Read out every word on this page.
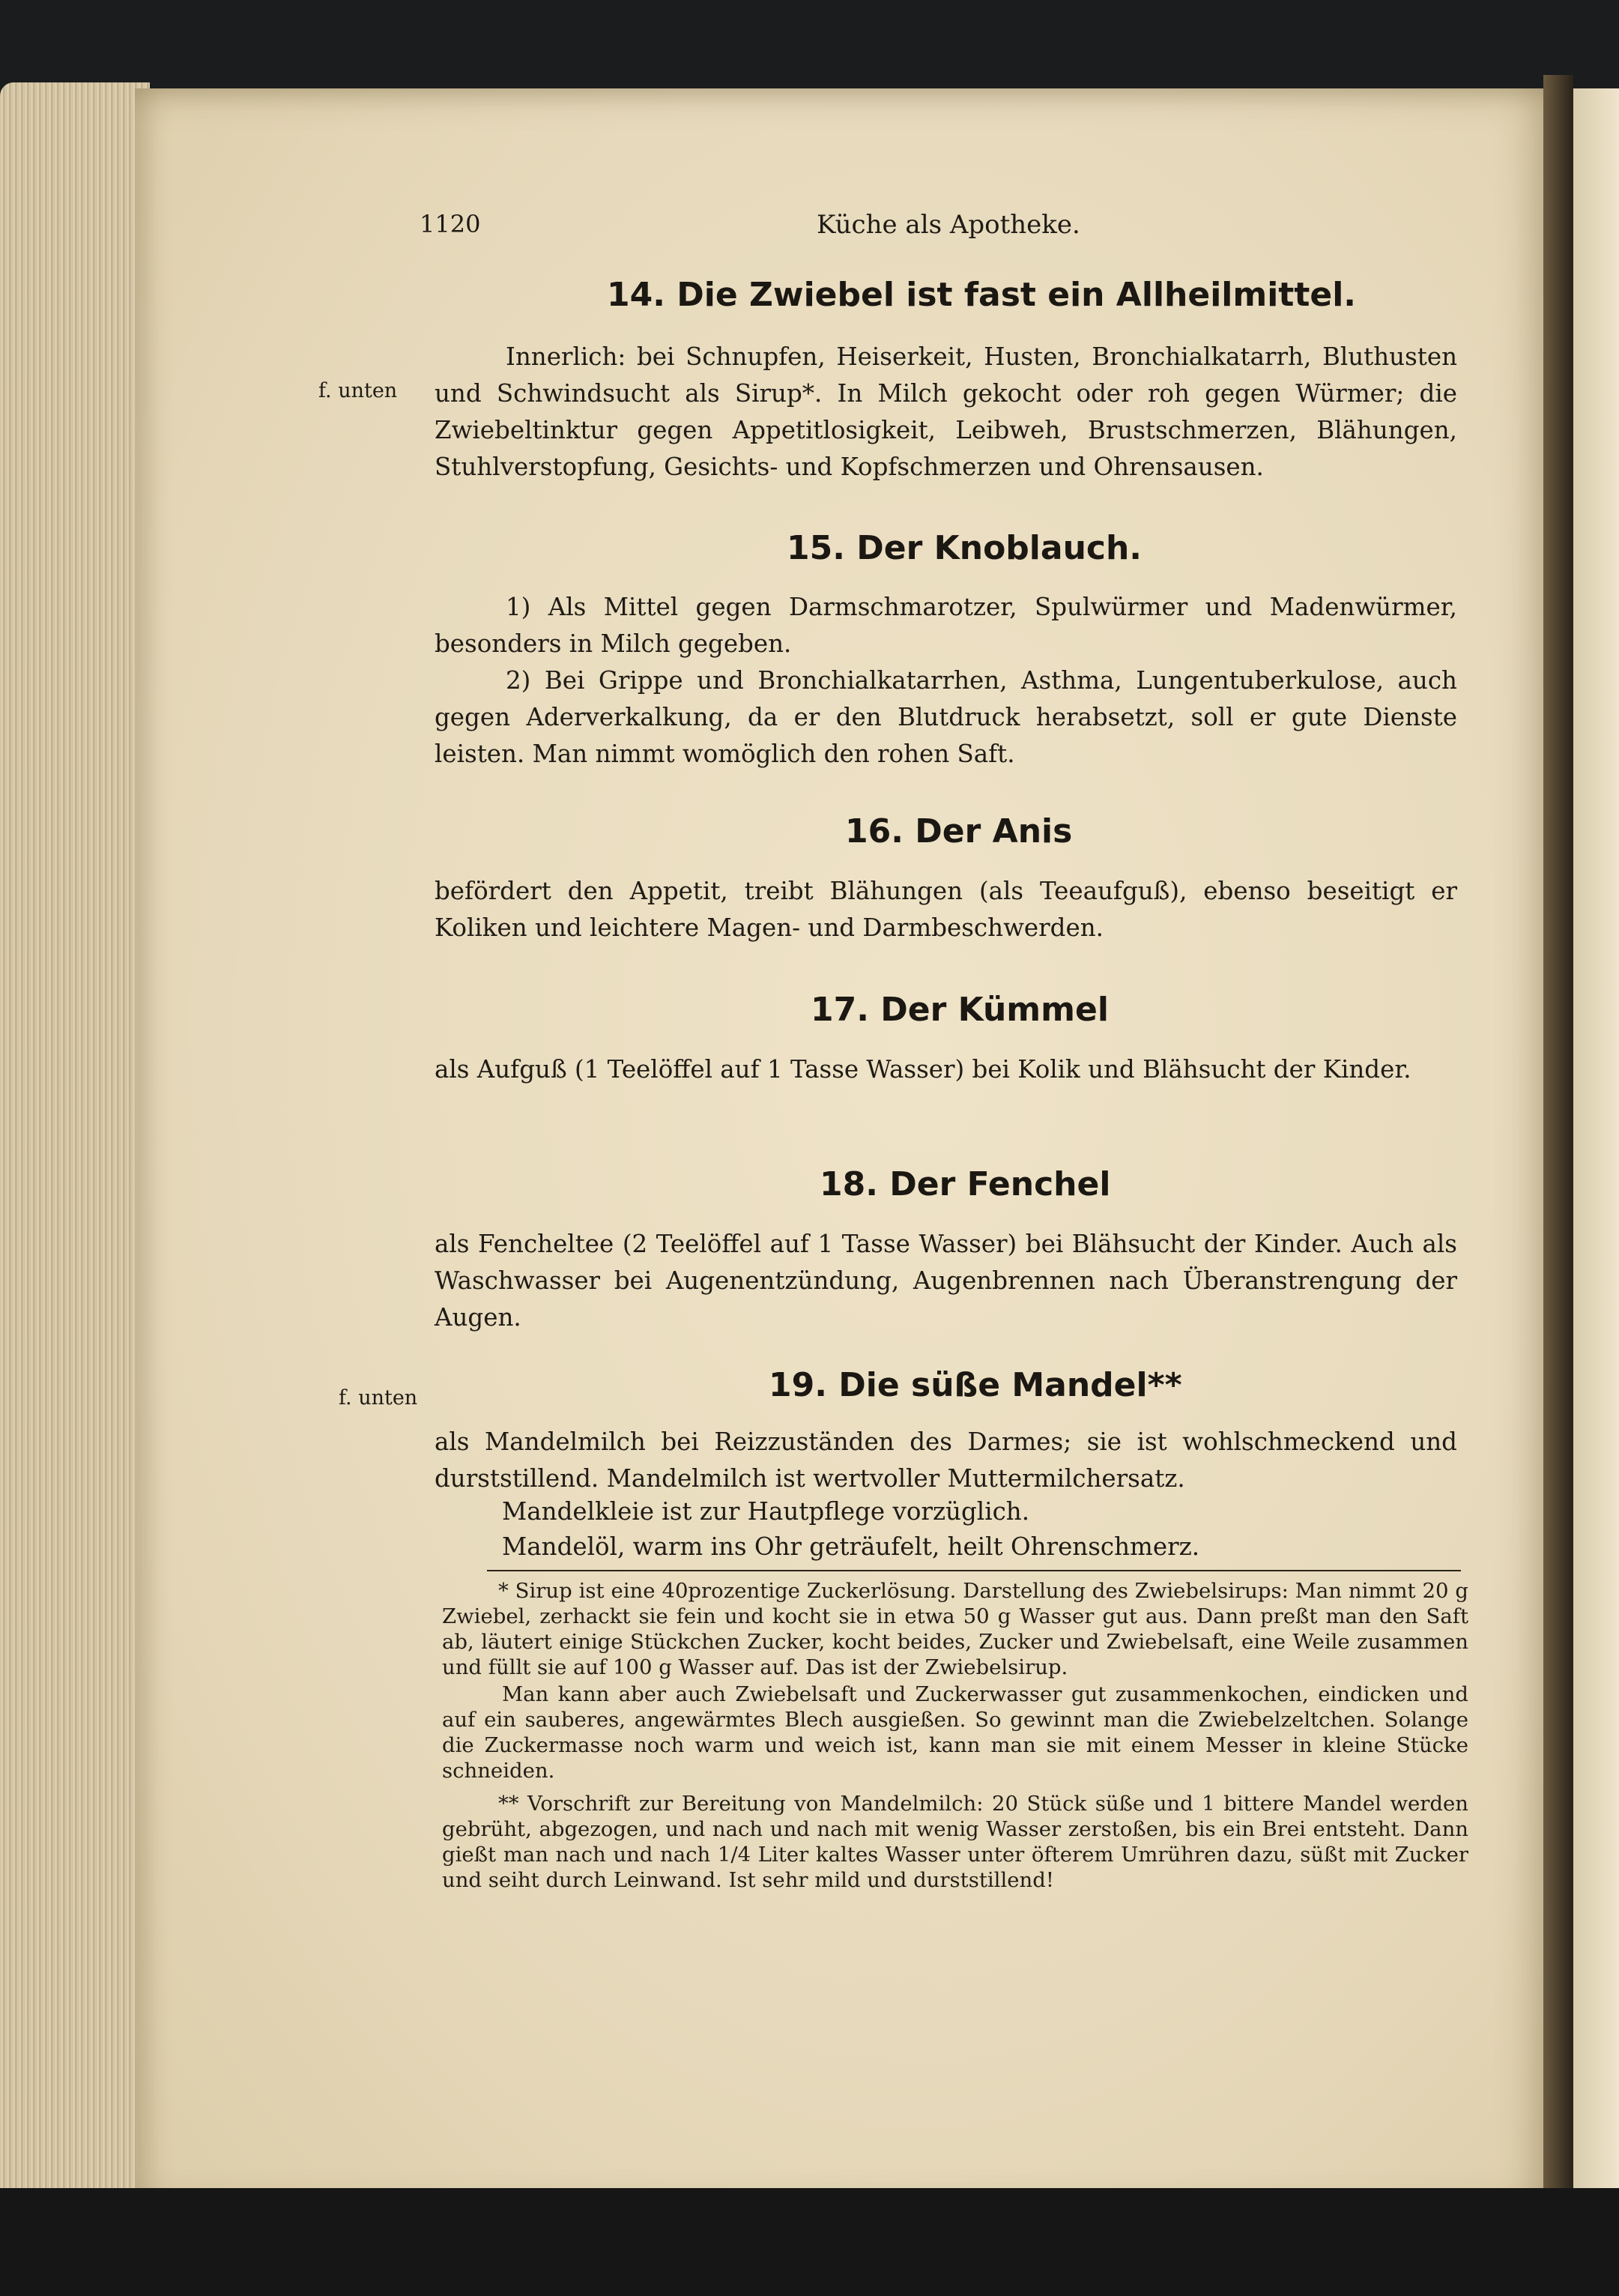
1120	Küche als Apotheke.
14. Die Zwiebel ist fast ein Allheilmittel.
Innerlich: bei Schnupfen, Heiserkeit, Husten, Bronchialkatarrh, Bluthusten und Schwindsucht als Sirup*. In Milch gekocht oder roh gegen Würmer; die Zwiebeltinktur gegen Appetitlosigkeit, Leibweh, Brustschmerzen, Blähungen, Stuhlverstopfung, Gesichts- und Kopfschmerzen und Ohrensausen.
f. unten
15. Der Knoblauch.
1) Als Mittel gegen Darmschmarotzer, Spulwürmer und Madenwürmer, besonders in Milch gegeben.
2) Bei Grippe und Bronchialkatarrhen, Asthma, Lungentuberkulose, auch gegen Aderverkalkung, da er den Blutdruck herabsetzt, soll er gute Dienste leisten. Man nimmt womöglich den rohen Saft.
16. Der Anis
befördert den Appetit, treibt Blähungen (als Teeaufguß), ebenso beseitigt er Koliken und leichtere Magen- und Darmbeschwerden.
17. Der Kümmel
als Aufguß (1 Teelöffel auf 1 Tasse Wasser) bei Kolik und Blähsucht der Kinder.
18. Der Fenchel
als Fencheltee (2 Teelöffel auf 1 Tasse Wasser) bei Blähsucht der Kinder. Auch als Waschwasser bei Augenentzündung, Augenbrennen nach Überanstrengung der Augen.
19. Die süße Mandel**
f. unten
als Mandelmilch bei Reizzuständen des Darmes; sie ist wohlschmeckend und durststillend. Mandelmilch ist wertvoller Muttermilchersatz.
Mandelkleie ist zur Hautpflege vorzüglich.
Mandelöl, warm ins Ohr geträufelt, heilt Ohrenschmerz.
* Sirup ist eine 40prozentige Zuckerlösung. Darstellung des Zwiebelsirups: Man nimmt 20 g Zwiebel, zerhackt sie fein und kocht sie in etwa 50 g Wasser gut aus. Dann preßt man den Saft ab, läutert einige Stückchen Zucker, kocht beides, Zucker und Zwiebelsaft, eine Weile zusammen und füllt sie auf 100 g Wasser auf. Das ist der Zwiebelsirup.
Man kann aber auch Zwiebelsaft und Zuckerwasser gut zusammenkochen, eindicken und auf ein sauberes, angewärmtes Blech ausgießen. So gewinnt man die Zwiebelzeltchen. Solange die Zuckermasse noch warm und weich ist, kann man sie mit einem Messer in kleine Stücke schneiden.
** Vorschrift zur Bereitung von Mandelmilch: 20 Stück süße und 1 bittere Mandel werden gebrüht, abgezogen, und nach und nach mit wenig Wasser zerstoßen, bis ein Brei entsteht. Dann gießt man nach und nach 1/4 Liter kaltes Wasser unter öfterem Umrühren dazu, süßt mit Zucker und seiht durch Leinwand. Ist sehr mild und durststillend!
